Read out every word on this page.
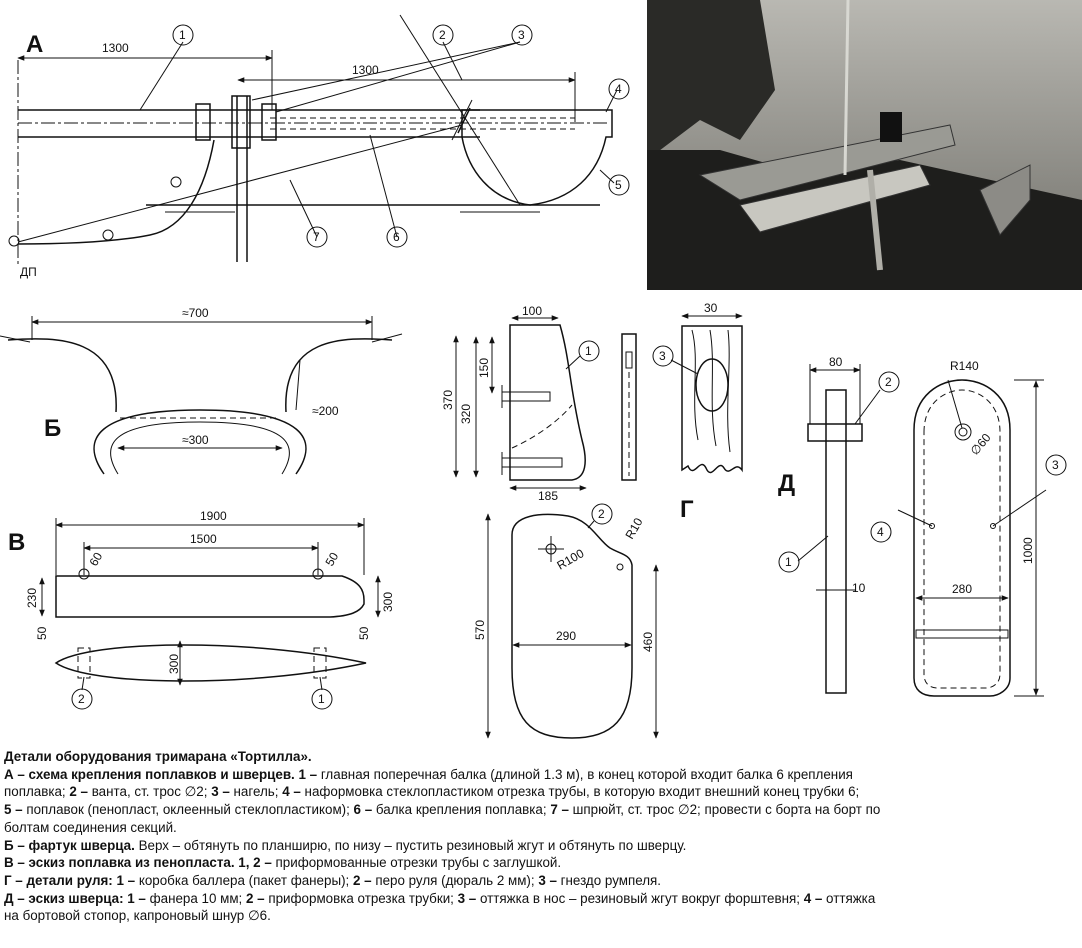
А
ДП
1300
1300
1	2	3
4
5
6
7
Б
≈700
≈300
≈200
В
1900
1500
60	50
230	300
50	50
300
2	1
Г
100
370
320
150
185
1
30
3
R100
R10
290
570
460
2
Д
80
10
1
2
R140
∅60
280
1000
4
3
Детали оборудования тримарана «Тортилла».
А – схема крепления поплавков и шверцев. 1 – главная поперечная балка (длиной 1.3 м), в конец которой входит балка 6 крепления
поплавка; 2 – ванта, ст. трос ∅2; 3 – нагель; 4 – наформовка стеклопластиком отрезка трубы, в которую входит внешний конец трубки 6;
5 – поплавок (пенопласт, оклеенный стеклопластиком); 6 – балка крепления поплавка; 7 – шпрюйт, ст. трос ∅2; провести с борта на борт по
болтам соединения секций.
Б – фартук шверца. Верх – обтянуть по планширю, по низу – пустить резиновый жгут и обтянуть по шверцу.
В – эскиз поплавка из пенопласта. 1, 2 – приформованные отрезки трубы с заглушкой.
Г – детали руля: 1 – коробка баллера (пакет фанеры); 2 – перо руля (дюраль 2 мм); 3 – гнездо румпеля.
Д – эскиз шверца: 1 – фанера 10 мм; 2 – приформовка отрезка трубки; 3 – оттяжка в нос – резиновый жгут вокруг форштевня; 4 – оттяжка
на бортовой стопор, капроновый шнур ∅6.
